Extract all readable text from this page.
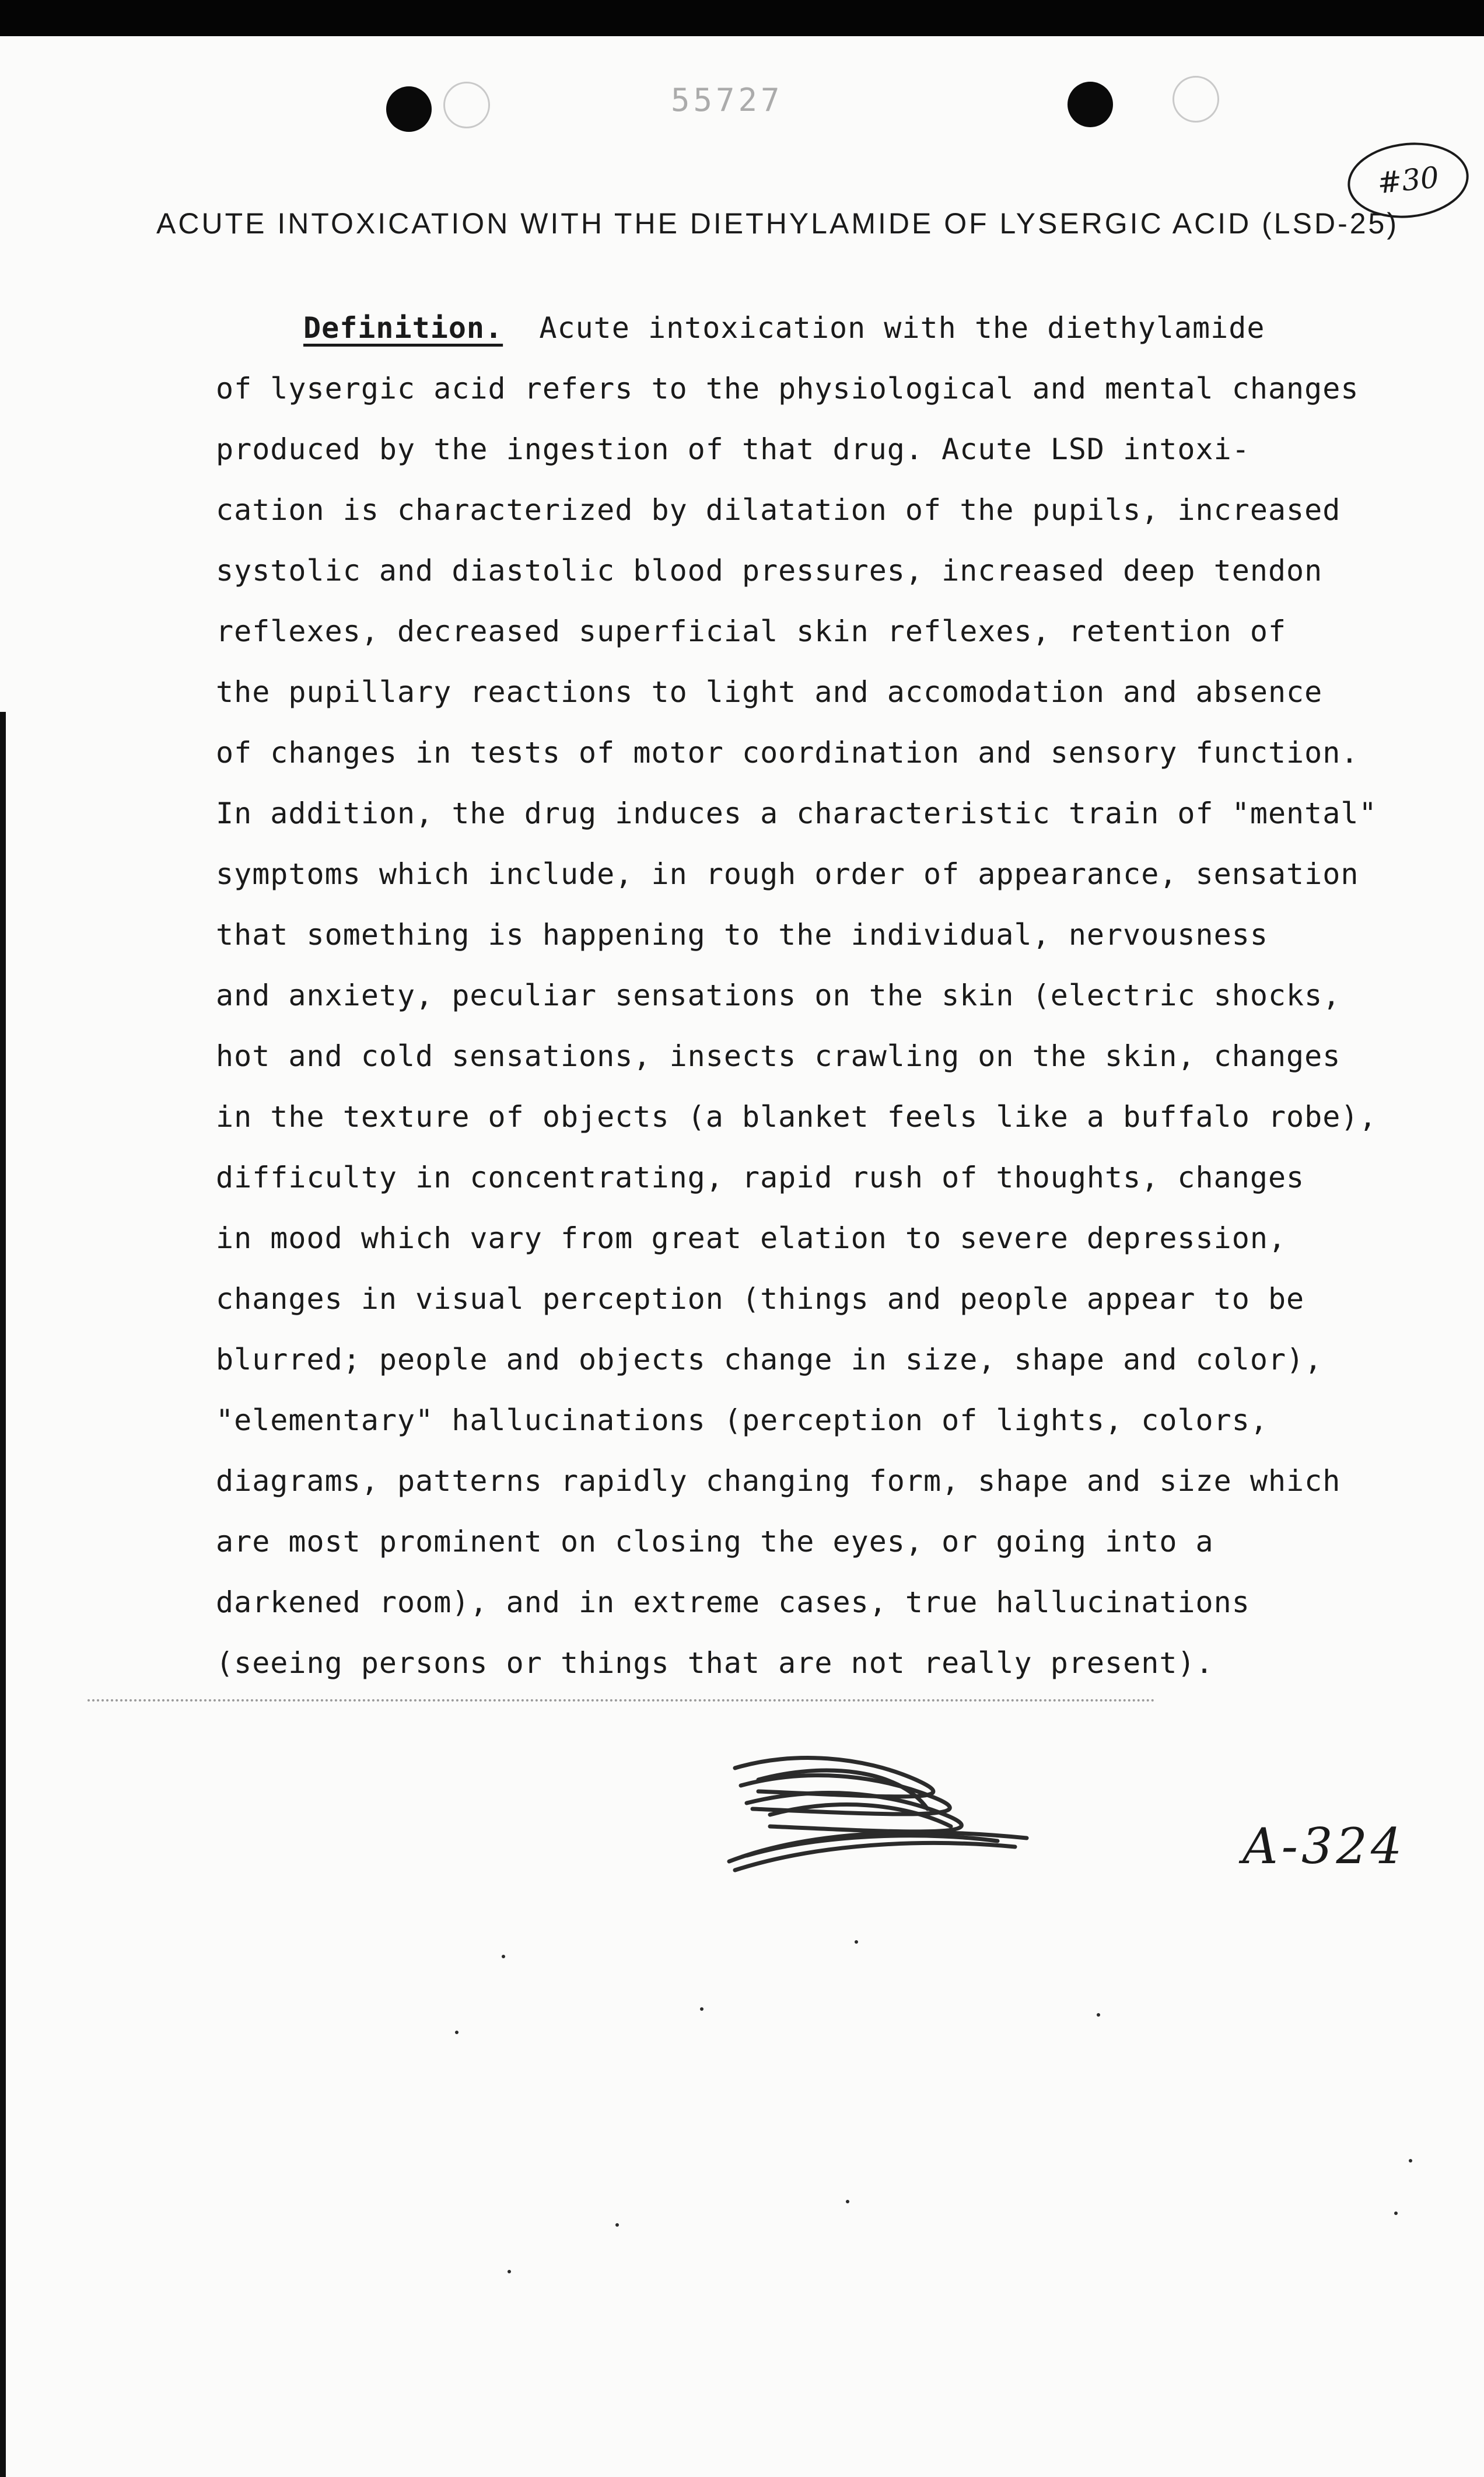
55727
ACUTE INTOXICATION WITH THE DIETHYLAMIDE OF LYSERGIC ACID (LSD-25)
#30
Definition. Acute intoxication with the diethylamide
of lysergic acid refers to the physiological and mental changes
produced by the ingestion of that drug. Acute LSD intoxi-
cation is characterized by dilatation of the pupils, increased
systolic and diastolic blood pressures, increased deep tendon
reflexes, decreased superficial skin reflexes, retention of
the pupillary reactions to light and accomodation and absence
of changes in tests of motor coordination and sensory function.
In addition, the drug induces a characteristic train of "mental"
symptoms which include, in rough order of appearance, sensation
that something is happening to the individual, nervousness
and anxiety, peculiar sensations on the skin (electric shocks,
hot and cold sensations, insects crawling on the skin, changes
in the texture of objects (a blanket feels like a buffalo robe),
difficulty in concentrating, rapid rush of thoughts, changes
in mood which vary from great elation to severe depression,
changes in visual perception (things and people appear to be
blurred; people and objects change in size, shape and color),
"elementary" hallucinations (perception of lights, colors,
diagrams, patterns rapidly changing form, shape and size which
are most prominent on closing the eyes, or going into a
darkened room), and in extreme cases, true hallucinations
(seeing persons or things that are not really present).
A-324
